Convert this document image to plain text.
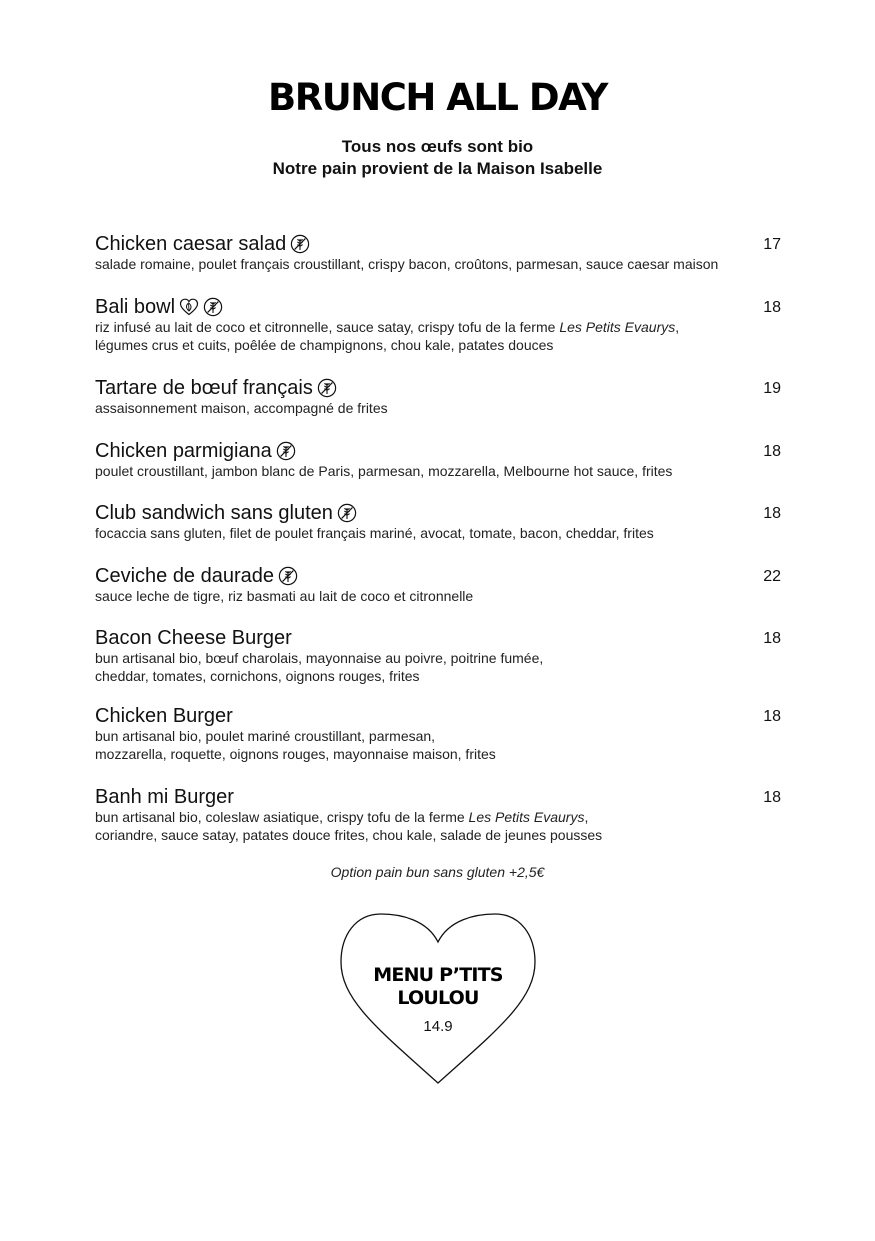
BRUNCH ALL DAY
Tous nos œufs sont bio
Notre pain provient de la Maison Isabelle
Chicken caesar salad	17
salade romaine, poulet français croustillant, crispy bacon, croûtons, parmesan, sauce caesar maison
Bali bowl	18
riz infusé au lait de coco et citronnelle, sauce satay, crispy tofu de la ferme Les Petits Evaurys,
légumes crus et cuits, poêlée de champignons, chou kale, patates douces
Tartare de bœuf français	19
assaisonnement maison, accompagné de frites
Chicken parmigiana	18
poulet croustillant, jambon blanc de Paris, parmesan, mozzarella, Melbourne hot sauce, frites
Club sandwich sans gluten	18
focaccia sans gluten, filet de poulet français mariné, avocat, tomate, bacon, cheddar, frites
Ceviche de daurade	22
sauce leche de tigre, riz basmati au lait de coco et citronnelle
Bacon Cheese Burger	18
bun artisanal bio, bœuf charolais, mayonnaise au poivre, poitrine fumée,
cheddar, tomates, cornichons, oignons rouges, frites
Chicken Burger	18
bun artisanal bio, poulet mariné croustillant, parmesan,
mozzarella, roquette, oignons rouges, mayonnaise maison, frites
Banh mi Burger	18
bun artisanal bio, coleslaw asiatique, crispy tofu de la ferme Les Petits Evaurys,
coriandre, sauce satay, patates douce frites, chou kale, salade de jeunes pousses
Option pain bun sans gluten +2,5€
MENU P’TITS
LOULOU
14.9
